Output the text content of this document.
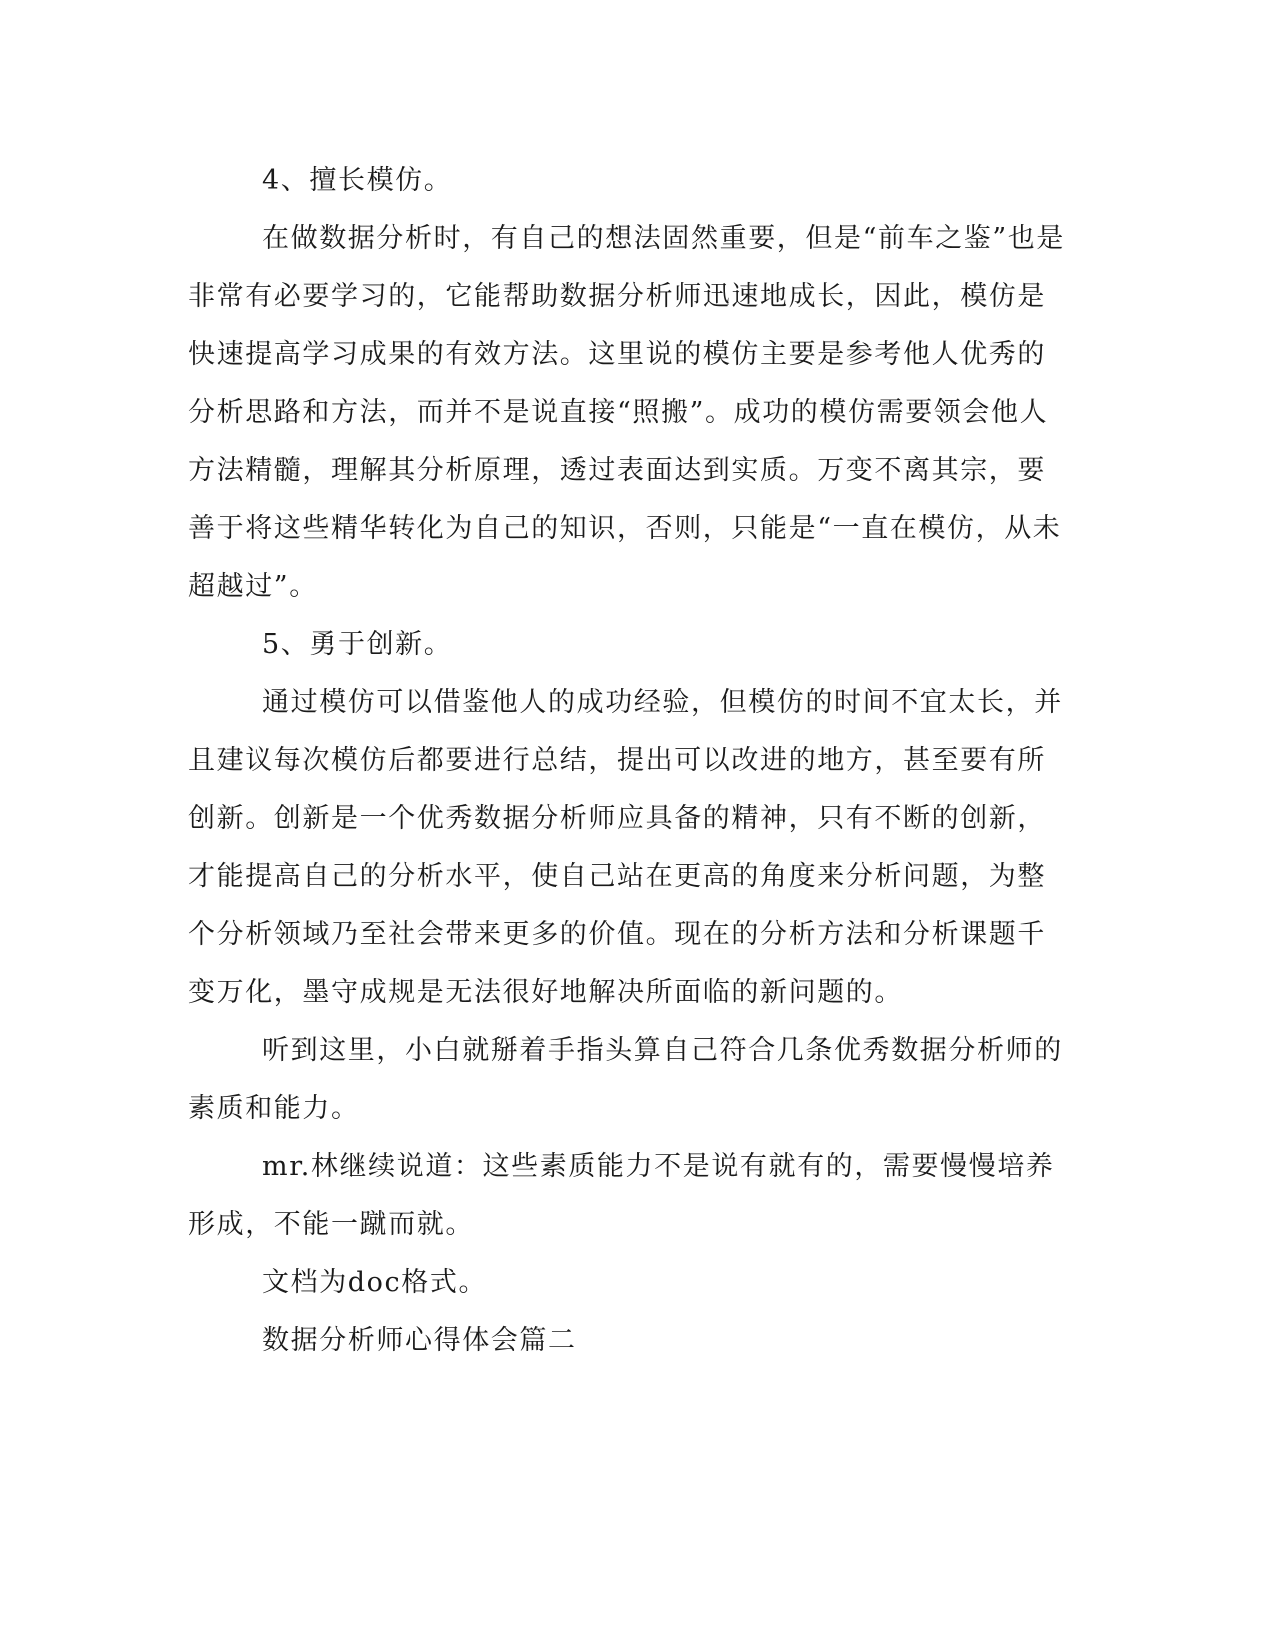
4、擅长模仿。
在做数据分析时，有自己的想法固然重要，但是“前车之鉴”也是
非常有必要学习的，它能帮助数据分析师迅速地成长，因此，模仿是
快速提高学习成果的有效方法。这里说的模仿主要是参考他人优秀的
分析思路和方法，而并不是说直接“照搬”。成功的模仿需要领会他人
方法精髓，理解其分析原理，透过表面达到实质。万变不离其宗，要
善于将这些精华转化为自己的知识，否则，只能是“一直在模仿，从未
超越过”。
5、勇于创新。
通过模仿可以借鉴他人的成功经验，但模仿的时间不宜太长，并
且建议每次模仿后都要进行总结，提出可以改进的地方，甚至要有所
创新。创新是一个优秀数据分析师应具备的精神，只有不断的创新，
才能提高自己的分析水平，使自己站在更高的角度来分析问题，为整
个分析领域乃至社会带来更多的价值。现在的分析方法和分析课题千
变万化，墨守成规是无法很好地解决所面临的新问题的。
听到这里，小白就掰着手指头算自己符合几条优秀数据分析师的
素质和能力。
mr.林继续说道：这些素质能力不是说有就有的，需要慢慢培养
形成，不能一蹴而就。
文档为doc格式。
数据分析师心得体会篇二
